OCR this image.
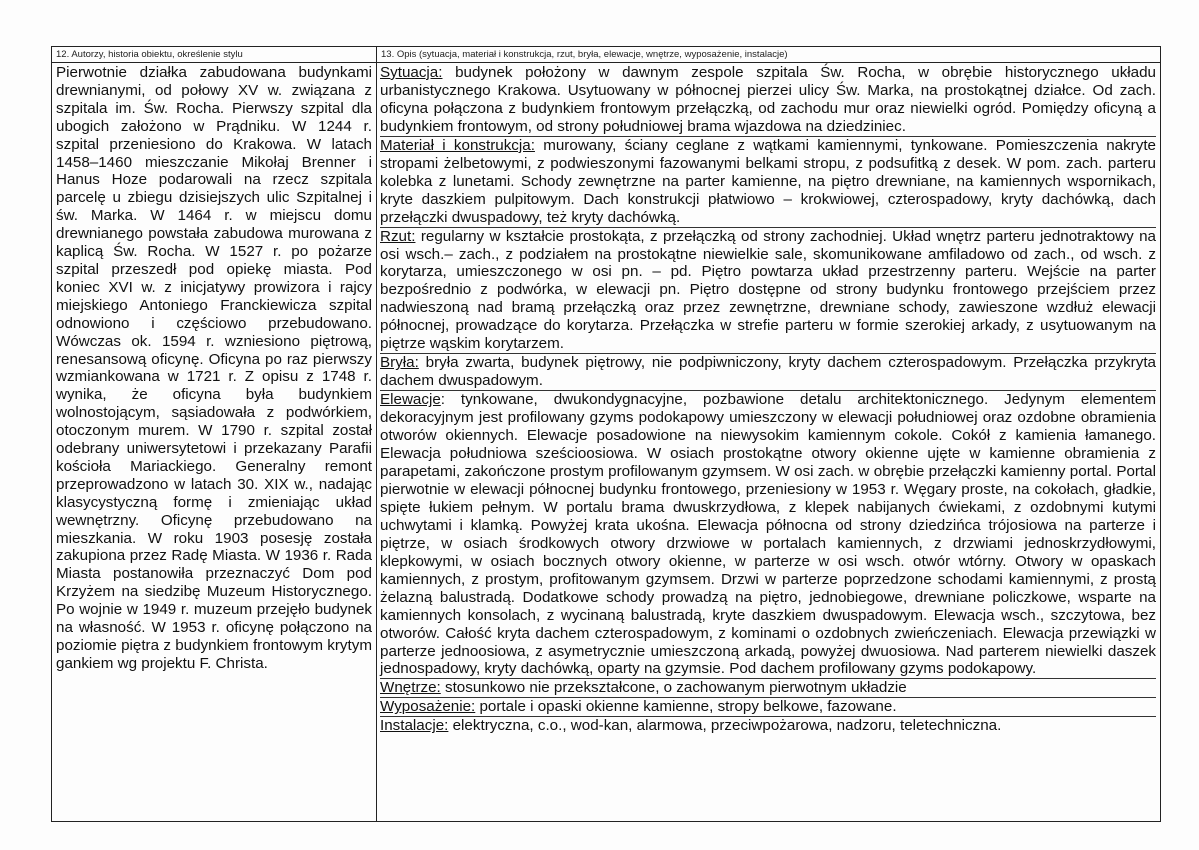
12. Autorzy, historia obiektu, określenie stylu
Pierwotnie działka zabudowana budynkami drewnianymi, od połowy XV w. związana z szpitala im. Św. Rocha. Pierwszy szpital dla ubogich założono w Prądniku. W 1244 r. szpital przeniesiono do Krakowa. W latach 1458–1460 mieszczanie Mikołaj Brenner i Hanus Hoze podarowali na rzecz szpitala parcelę u zbiegu dzisiejszych ulic Szpitalnej i św. Marka. W 1464 r. w miejscu domu drewnianego powstała zabudowa murowana z kaplicą Św. Rocha. W 1527 r. po pożarze szpital przeszedł pod opiekę miasta. Pod koniec XVI w. z inicjatywy prowizora i rajcy miejskiego Antoniego Franckiewicza szpital odnowiono i częściowo przebudowano. Wówczas ok. 1594 r. wzniesiono piętrową, renesansową oficynę. Oficyna po raz pierwszy wzmiankowana w 1721 r. Z opisu z 1748 r. wynika, że oficyna była budynkiem wolnostojącym, sąsiadowała z podwórkiem, otoczonym murem. W 1790 r. szpital został odebrany uniwersytetowi i przekazany Parafii kościoła Mariackiego. Generalny remont przeprowadzono w latach 30. XIX w., nadając klasycystyczną formę i zmieniając układ wewnętrzny. Oficynę przebudowano na mieszkania. W roku 1903 posesję została zakupiona przez Radę Miasta. W 1936 r. Rada Miasta postanowiła przeznaczyć Dom pod Krzyżem na siedzibę Muzeum Historycznego. Po wojnie w 1949 r. muzeum przejęło budynek na własność. W 1953 r. oficynę połączono na poziomie piętra z budynkiem frontowym krytym gankiem wg projektu F. Christa.
13. Opis (sytuacja, materiał i konstrukcja, rzut, bryła, elewacje, wnętrze, wyposażenie, instalacje)
Sytuacja: budynek położony w dawnym zespole szpitala Św. Rocha, w obrębie historycznego układu urbanistycznego Krakowa. Usytuowany w północnej pierzei ulicy Św. Marka, na prostokątnej działce. Od zach. oficyna połączona z budynkiem frontowym przełączką, od zachodu mur oraz niewielki ogród. Pomiędzy oficyną a budynkiem frontowym, od strony południowej brama wjazdowa na dziedziniec.
Materiał i konstrukcja: murowany, ściany ceglane z wątkami kamiennymi, tynkowane. Pomieszczenia nakryte stropami żelbetowymi, z podwieszonymi fazowanymi belkami stropu, z podsufitką z desek. W pom. zach. parteru kolebka z lunetami. Schody zewnętrzne na parter kamienne, na piętro drewniane, na kamiennych wspornikach, kryte daszkiem pulpitowym. Dach konstrukcji płatwiowo – krokwiowej, czterospadowy, kryty dachówką, dach przełączki dwuspadowy, też kryty dachówką.
Rzut: regularny w kształcie prostokąta, z przełączką od strony zachodniej. Układ wnętrz parteru jednotraktowy na osi wsch.– zach., z podziałem na prostokątne niewielkie sale, skomunikowane amfiladowo od zach., od wsch. z korytarza, umieszczonego w osi pn. – pd. Piętro powtarza układ przestrzenny parteru. Wejście na parter bezpośrednio z podwórka, w elewacji pn. Piętro dostępne od strony budynku frontowego przejściem przez nadwieszoną nad bramą przełączką oraz przez zewnętrzne, drewniane schody, zawieszone wzdłuż elewacji północnej, prowadzące do korytarza. Przełączka w strefie parteru w formie szerokiej arkady, z usytuowanym na piętrze wąskim korytarzem.
Bryła: bryła zwarta, budynek piętrowy, nie podpiwniczony, kryty dachem czterospadowym. Przełączka przykryta dachem dwuspadowym.
Elewacje: tynkowane, dwukondygnacyjne, pozbawione detalu architektonicznego. Jedynym elementem dekoracyjnym jest profilowany gzyms podokapowy umieszczony w elewacji południowej oraz ozdobne obramienia otworów okiennych. Elewacje posadowione na niewysokim kamiennym cokole. Cokół z kamienia łamanego. Elewacja południowa sześcioosiowa. W osiach prostokątne otwory okienne ujęte w kamienne obramienia z parapetami, zakończone prostym profilowanym gzymsem. W osi zach. w obrębie przełączki kamienny portal. Portal pierwotnie w elewacji północnej budynku frontowego, przeniesiony w 1953 r. Węgary proste, na cokołach, gładkie, spięte łukiem pełnym. W portalu brama dwuskrzydłowa, z klepek nabijanych ćwiekami, z ozdobnymi kutymi uchwytami i klamką. Powyżej krata ukośna. Elewacja północna od strony dziedzińca trójosiowa na parterze i piętrze, w osiach środkowych otwory drzwiowe w portalach kamiennych, z drzwiami jednoskrzydłowymi, klepkowymi, w osiach bocznych otwory okienne, w parterze w osi wsch. otwór wtórny. Otwory w opaskach kamiennych, z prostym, profitowanym gzymsem. Drzwi w parterze poprzedzone schodami kamiennymi, z prostą żelazną balustradą. Dodatkowe schody prowadzą na piętro, jednobiegowe, drewniane policzkowe, wsparte na kamiennych konsolach, z wycinaną balustradą, kryte daszkiem dwuspadowym. Elewacja wsch., szczytowa, bez otworów. Całość kryta dachem czterospadowym, z kominami o ozdobnych zwieńczeniach. Elewacja przewiązki w parterze jednoosiowa, z asymetrycznie umieszczoną arkadą, powyżej dwuosiowa. Nad parterem niewielki daszek jednospadowy, kryty dachówką, oparty na gzymsie. Pod dachem profilowany gzyms podokapowy.
Wnętrze: stosunkowo nie przekształcone, o zachowanym pierwotnym układzie
Wyposażenie: portale i opaski okienne kamienne, stropy belkowe, fazowane.
Instalacje: elektryczna, c.o., wod-kan, alarmowa, przeciwpożarowa, nadzoru, teletechniczna.
